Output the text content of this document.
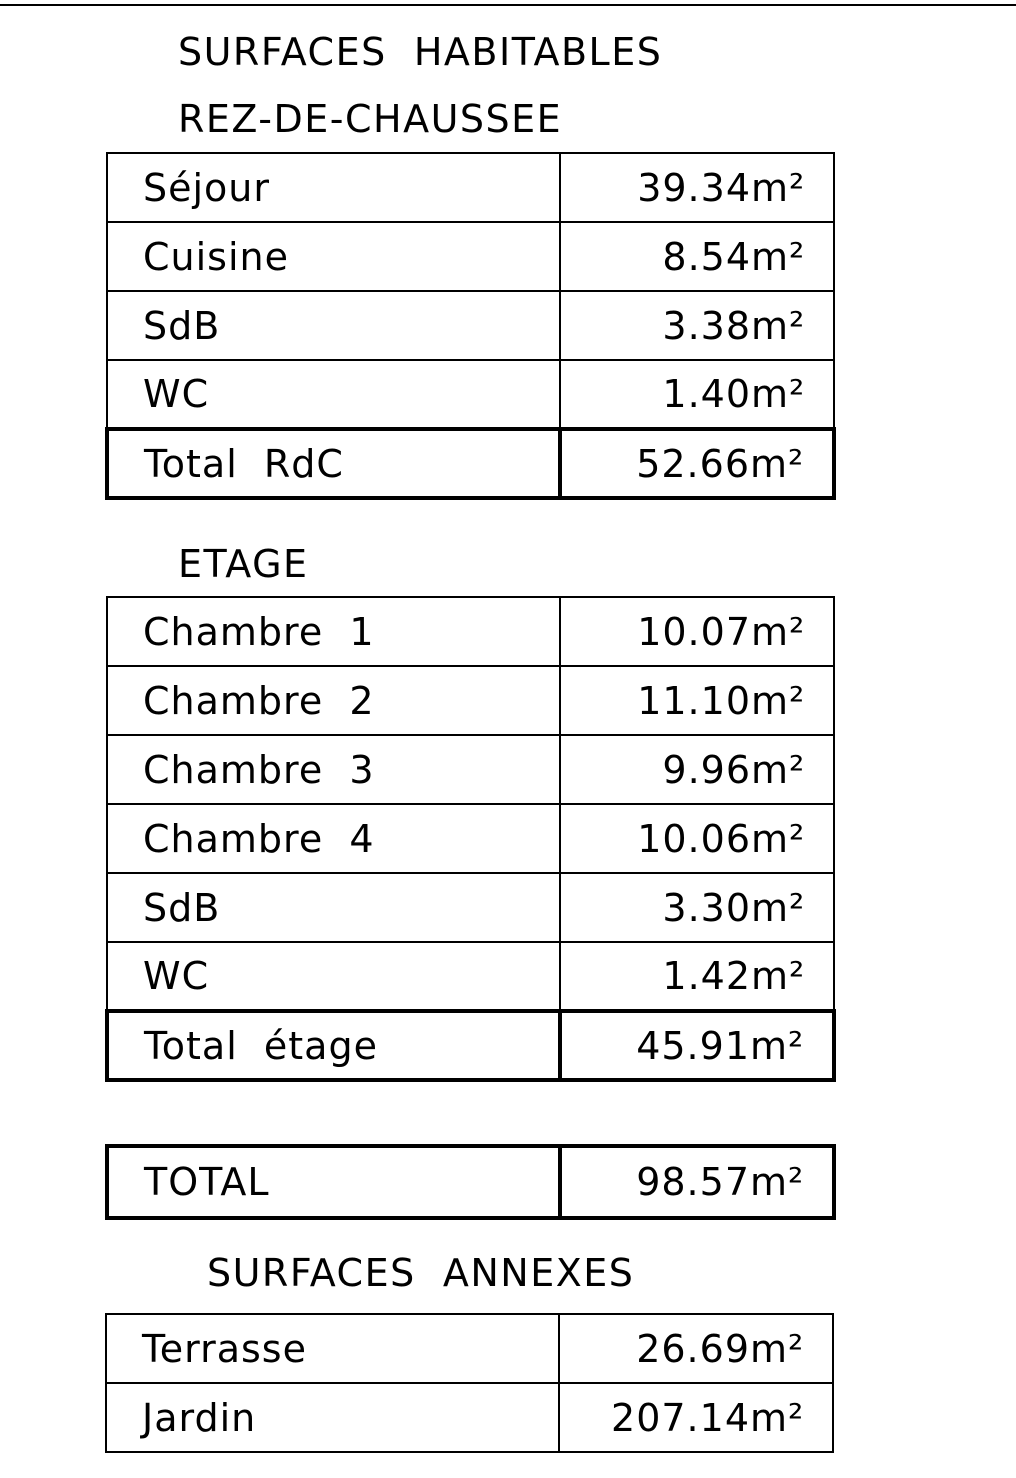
SURFACES  HABITABLES
REZ-DE-CHAUSSEE
Séjour	39.34m²
Cuisine	8.54m²
SdB	3.38m²
WC	1.40m²
Total  RdC	52.66m²
ETAGE
Chambre  1	10.07m²
Chambre  2	11.10m²
Chambre  3	9.96m²
Chambre  4	10.06m²
SdB	3.30m²
WC	1.42m²
Total  étage	45.91m²
TOTAL	98.57m²
SURFACES  ANNEXES
Terrasse	26.69m²
Jardin	207.14m²
